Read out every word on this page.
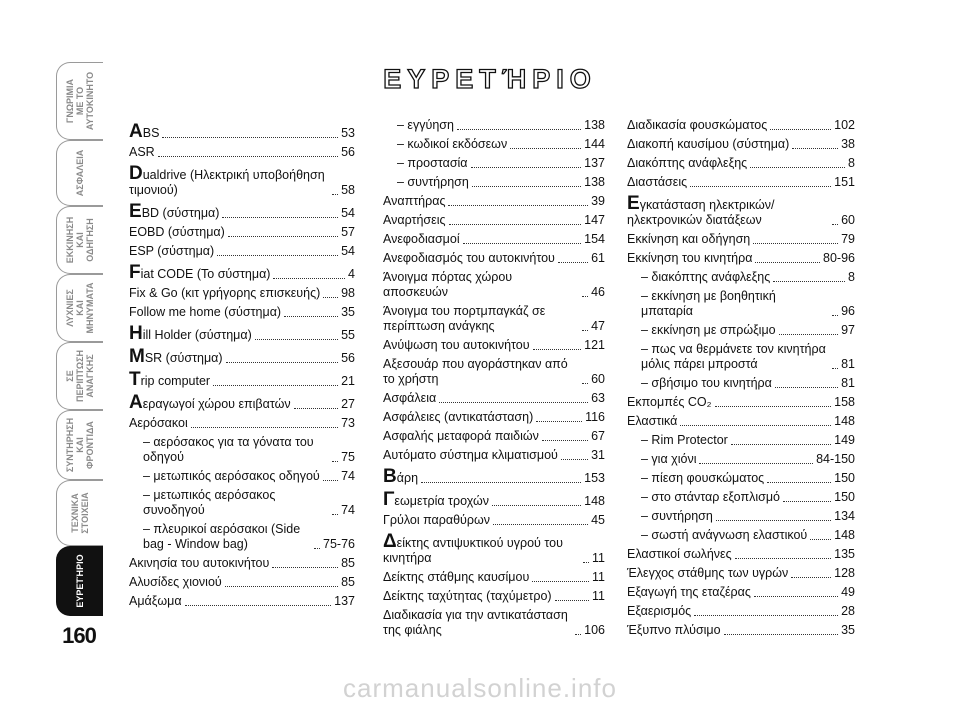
ΓΝΩΡΙΜΙΑ
ΜΕ ΤΟ
ΑΥΤΟΚΙΝΗΤΟ
ΑΣΦΑΛΕΙΑ
ΕΚΚΙΝΗΣΗ
ΚΑΙ
ΟΔΗΓΗΣΗ
ΛΥΧΝΙΕΣ
ΚΑΙ
ΜΗΝΥΜΑΤΑ
ΣΕ
ΠΕΡΙΠΤΩΣΗ
ΑΝΑΓΚΗΣ
ΣΥΝΤΗΡΗΣΗ
ΚΑΙ
ΦΡΟΝΤΙΔΑ
ΤΕΧΝΙΚΑ
ΣΤΟΙΧΕΙΑ
ΕΥΡΕΤΉΡΙΟ
160
ΕΥΡΕΤΉΡΙΟ
ABS	53
ASR	56
Dualdrive (Ηλεκτρική υποβοήθηση τιμονιού)	58
EBD (σύστημα)	54
EOBD (σύστημα)	57
ESP (σύστημα)	54
Fiat CODE (Το σύστημα)	4
Fix & Go (κιτ γρήγορης επισκευής) 98
Follow me home (σύστημα)	35
Hill Holder (σύστημα)	55
MSR (σύστημα)	56
Trip computer	21
Αεραγωγοί χώρου επιβατών	27
Αερόσακοι	73
– αερόσακος για τα γόνατα του οδηγού	75
– μετωπικός αερόσακος οδηγού 74
– μετωπικός αερόσακος συνοδηγού	74
– πλευρικοί αερόσακοι (Side bag - Window bag)	75-76
Ακινησία του αυτοκινήτου	85
Αλυσίδες χιονιού	85
Αμάξωμα	137
– εγγύηση	138
– κωδικοί εκδόσεων	144
– προστασία	137
– συντήρηση	138
Αναπτήρας	39
Αναρτήσεις	147
Ανεφοδιασμοί	154
Ανεφοδιασμός του αυτοκινήτου	61
Άνοιγμα πόρτας χώρου αποσκευών	46
Άνοιγμα του πορτμπαγκάζ σε περίπτωση ανάγκης	47
Ανύψωση του αυτοκινήτου	121
Αξεσουάρ που αγοράστηκαν από το χρήστη	60
Ασφάλεια	63
Ασφάλειες (αντικατάσταση)	116
Ασφαλής μεταφορά παιδιών	67
Αυτόματο σύστημα κλιματισμού	31
Βάρη	153
Γεωμετρία τροχών	148
Γρύλοι παραθύρων	45
Δείκτης αντιψυκτικού υγρού του κινητήρα	11
Δείκτης στάθμης καυσίμου	11
Δείκτης ταχύτητας (ταχύμετρο)	11
Διαδικασία για την αντικατάσταση της φιάλης	106
Διαδικασία φουσκώματος	102
Διακοπή καυσίμου (σύστημα)	38
Διακόπτης ανάφλεξης	8
Διαστάσεις	151
Εγκατάσταση ηλεκτρικών/ηλεκτρονικών διατάξεων	60
Εκκίνηση και οδήγηση	79
Εκκίνηση του κινητήρα	80-96
– διακόπτης ανάφλεξης	8
– εκκίνηση με βοηθητική μπαταρία	96
– εκκίνηση με σπρώξιμο	97
– πως να θερμάνετε τον κινητήρα μόλις πάρει μπροστά	81
– σβήσιμο του κινητήρα	81
Εκπομπές CO₂	158
Ελαστικά	148
– Rim Protector	149
– για χιόνι	84-150
– πίεση φουσκώματος	150
– στο στάνταρ εξοπλισμό	150
– συντήρηση	134
– σωστή ανάγνωση ελαστικού 148
Ελαστικοί σωλήνες	135
Έλεγχος στάθμης των υγρών	128
Εξαγωγή της εταζέρας	49
Εξαερισμός	28
Έξυπνο πλύσιμο	35
carmanualsonline.info
